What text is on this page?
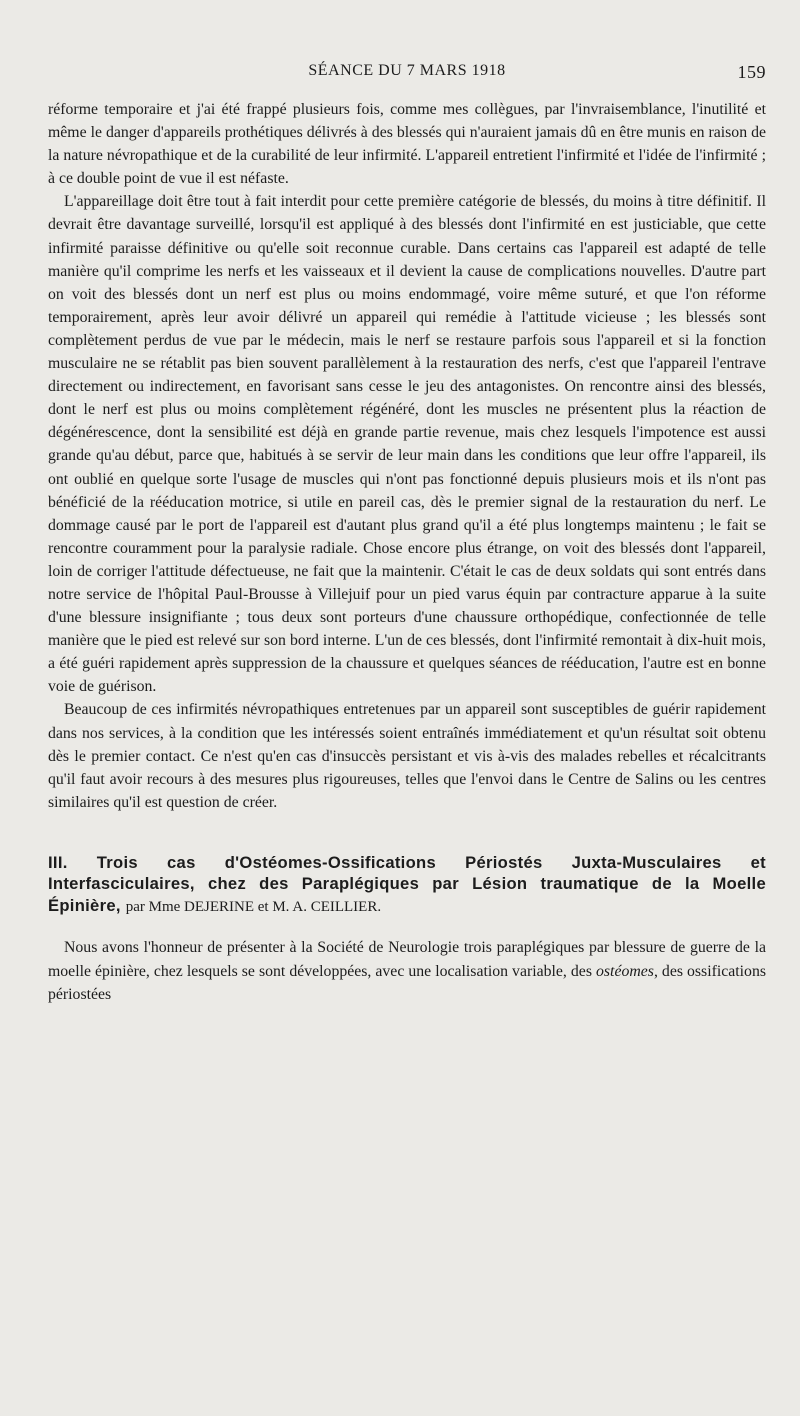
SÉANCE DU 7 MARS 1918	159

réforme temporaire et j'ai été frappé plusieurs fois, comme mes collègues, par l'invraisemblance, l'inutilité et même le danger d'appareils prothétiques délivrés à des blessés qui n'auraient jamais dû en être munis en raison de la nature névropathique et de la curabilité de leur infirmité. L'appareil entretient l'infirmité et l'idée de l'infirmité ; à ce double point de vue il est néfaste.

L'appareillage doit être tout à fait interdit pour cette première catégorie de blessés, du moins à titre définitif. Il devrait être davantage surveillé, lorsqu'il est appliqué à des blessés dont l'infirmité en est justiciable, que cette infirmité paraisse définitive ou qu'elle soit reconnue curable. Dans certains cas l'appareil est adapté de telle manière qu'il comprime les nerfs et les vaisseaux et il devient la cause de complications nouvelles. D'autre part on voit des blessés dont un nerf est plus ou moins endommagé, voire même suturé, et que l'on réforme temporairement, après leur avoir délivré un appareil qui remédie à l'attitude vicieuse ; les blessés sont complètement perdus de vue par le médecin, mais le nerf se restaure parfois sous l'appareil et si la fonction musculaire ne se rétablit pas bien souvent parallèlement à la restauration des nerfs, c'est que l'appareil l'entrave directement ou indirectement, en favorisant sans cesse le jeu des antagonistes. On rencontre ainsi des blessés, dont le nerf est plus ou moins complètement régénéré, dont les muscles ne présentent plus la réaction de dégénérescence, dont la sensibilité est déjà en grande partie revenue, mais chez lesquels l'impotence est aussi grande qu'au début, parce que, habitués à se servir de leur main dans les conditions que leur offre l'appareil, ils ont oublié en quelque sorte l'usage de muscles qui n'ont pas fonctionné depuis plusieurs mois et ils n'ont pas bénéficié de la rééducation motrice, si utile en pareil cas, dès le premier signal de la restauration du nerf. Le dommage causé par le port de l'appareil est d'autant plus grand qu'il a été plus longtemps maintenu ; le fait se rencontre couramment pour la paralysie radiale. Chose encore plus étrange, on voit des blessés dont l'appareil, loin de corriger l'attitude défectueuse, ne fait que la maintenir. C'était le cas de deux soldats qui sont entrés dans notre service de l'hôpital Paul-Brousse à Villejuif pour un pied varus équin par contracture apparue à la suite d'une blessure insignifiante ; tous deux sont porteurs d'une chaussure orthopédique, confectionnée de telle manière que le pied est relevé sur son bord interne. L'un de ces blessés, dont l'infirmité remontait à dix-huit mois, a été guéri rapidement après suppression de la chaussure et quelques séances de rééducation, l'autre est en bonne voie de guérison.

Beaucoup de ces infirmités névropathiques entretenues par un appareil sont susceptibles de guérir rapidement dans nos services, à la condition que les intéressés soient entraînés immédiatement et qu'un résultat soit obtenu dès le premier contact. Ce n'est qu'en cas d'insuccès persistant et vis à-vis des malades rebelles et récalcitrants qu'il faut avoir recours à des mesures plus rigoureuses, telles que l'envoi dans le Centre de Salins ou les centres similaires qu'il est question de créer.

III. Trois cas d'Ostéomes-Ossifications Périostés Juxta-Musculaires et Interfasciculaires, chez des Paraplégiques par Lésion traumatique de la Moelle Épinière, par Mme DEJERINE et M. A. CEILLIER.

Nous avons l'honneur de présenter à la Société de Neurologie trois paraplégiques par blessure de guerre de la moelle épinière, chez lesquels se sont développées, avec une localisation variable, des ostéomes, des ossifications périostées
